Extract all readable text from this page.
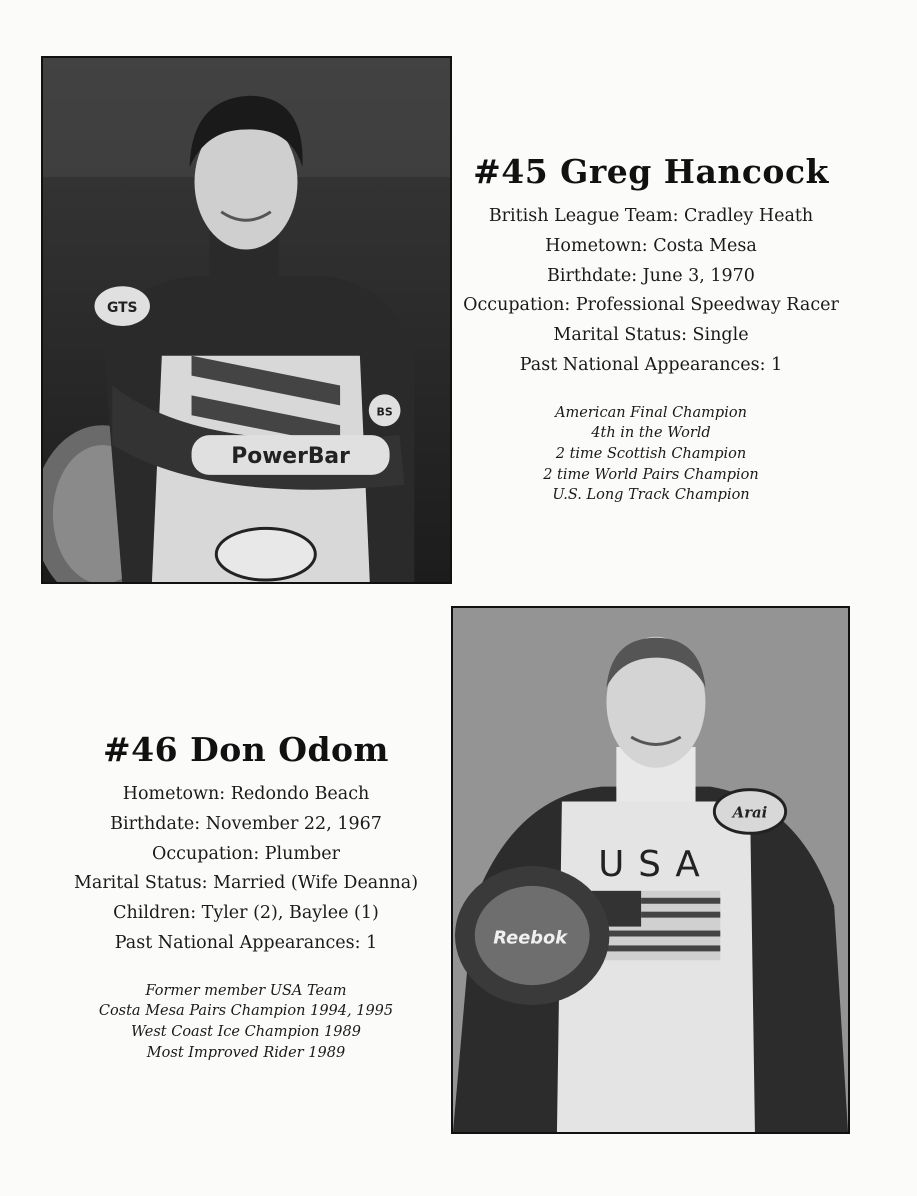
PowerBar
GTS
BS
#45 Greg Hancock
British League Team: Cradley Heath
Hometown: Costa Mesa
Birthdate: June 3, 1970
Occupation: Professional Speedway Racer
Marital Status: Single
Past National Appearances: 1
American Final Champion
4th in the World
2 time Scottish Champion
2 time World Pairs Champion
U.S. Long Track Champion
USA
Arai
Reebok
#46 Don Odom
Hometown: Redondo Beach
Birthdate: November 22, 1967
Occupation: Plumber
Marital Status: Married (Wife Deanna)
Children: Tyler (2), Baylee (1)
Past National Appearances: 1
Former member USA Team
Costa Mesa Pairs Champion 1994, 1995
West Coast Ice Champion 1989
Most Improved Rider 1989
